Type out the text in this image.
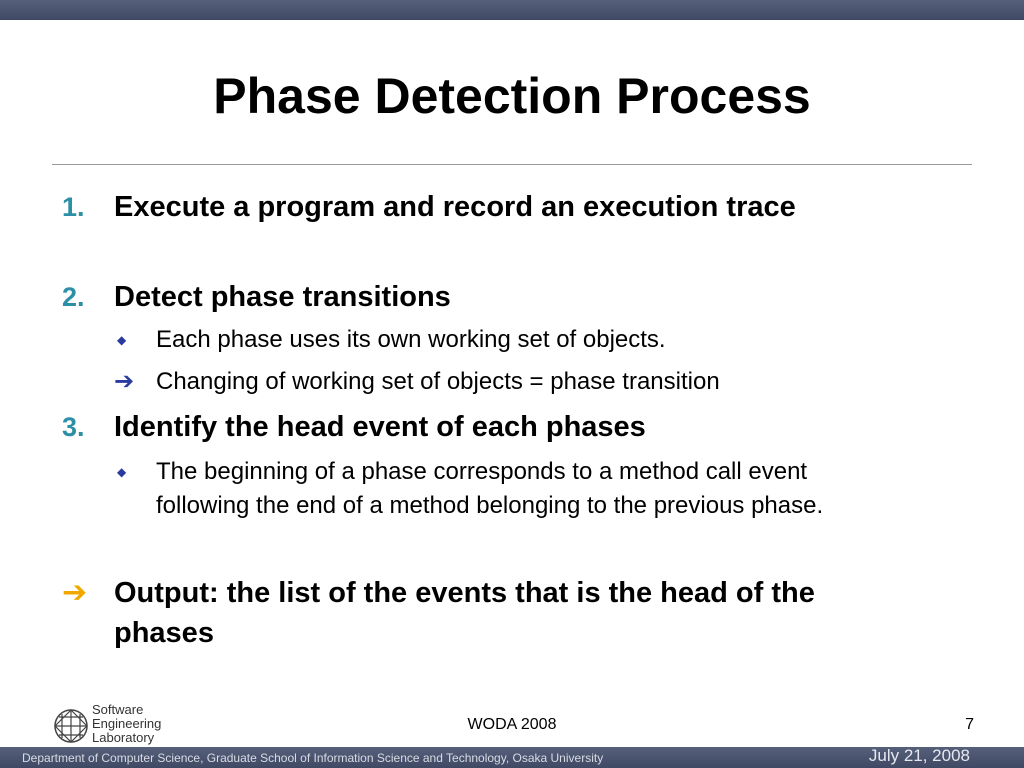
Phase Detection Process
1. Execute a program and record an execution trace
2. Detect phase transitions
◆ Each phase uses its own working set of objects.
➔ Changing of working set of objects = phase transition
3. Identify the head event of each phases
◆ The beginning of a phase corresponds to a method call event
following the end of a method belonging to the previous phase.
➔ Output: the list of the events that is the head of the
phases
Software
Engineering
Laboratory
WODA 2008	7
Department of Computer Science, Graduate School of Information Science and Technology, Osaka University	July 21, 2008
